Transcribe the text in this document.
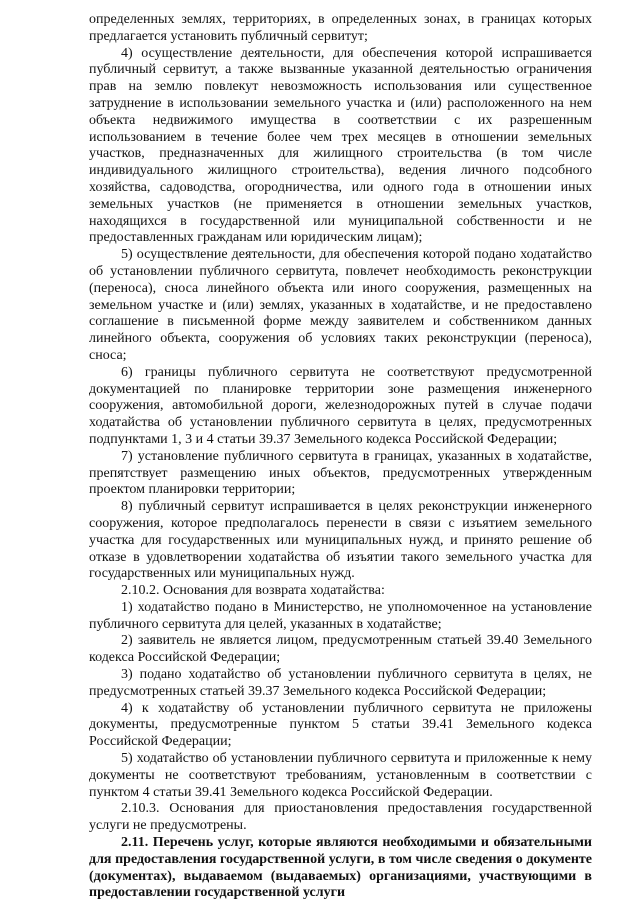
определенных землях, территориях, в определенных зонах, в границах которых предлагается установить публичный сервитут;

4) осуществление деятельности, для обеспечения которой испрашивается публичный сервитут, а также вызванные указанной деятельностью ограничения прав на землю повлекут невозможность использования или существенное затруднение в использовании земельного участка и (или) расположенного на нем объекта недвижимого имущества в соответствии с их разрешенным использованием в течение более чем трех месяцев в отношении земельных участков, предназначенных для жилищного строительства (в том числе индивидуального жилищного строительства), ведения личного подсобного хозяйства, садоводства, огородничества, или одного года в отношении иных земельных участков (не применяется в отношении земельных участков, находящихся в государственной или муниципальной собственности и не предоставленных гражданам или юридическим лицам);

5) осуществление деятельности, для обеспечения которой подано ходатайство об установлении публичного сервитута, повлечет необходимость реконструкции (переноса), сноса линейного объекта или иного сооружения, размещенных на земельном участке и (или) землях, указанных в ходатайстве, и не предоставлено соглашение в письменной форме между заявителем и собственником данных линейного объекта, сооружения об условиях таких реконструкции (переноса), сноса;

6) границы публичного сервитута не соответствуют предусмотренной документацией по планировке территории зоне размещения инженерного сооружения, автомобильной дороги, железнодорожных путей в случае подачи ходатайства об установлении публичного сервитута в целях, предусмотренных подпунктами 1, 3 и 4 статьи 39.37 Земельного кодекса Российской Федерации;

7) установление публичного сервитута в границах, указанных в ходатайстве, препятствует размещению иных объектов, предусмотренных утвержденным проектом планировки территории;

8) публичный сервитут испрашивается в целях реконструкции инженерного сооружения, которое предполагалось перенести в связи с изъятием земельного участка для государственных или муниципальных нужд, и принято решение об отказе в удовлетворении ходатайства об изъятии такого земельного участка для государственных или муниципальных нужд.

2.10.2. Основания для возврата ходатайства:

1) ходатайство подано в Министерство, не уполномоченное на установление публичного сервитута для целей, указанных в ходатайстве;

2) заявитель не является лицом, предусмотренным статьей 39.40 Земельного кодекса Российской Федерации;

3) подано ходатайство об установлении публичного сервитута в целях, не предусмотренных статьей 39.37 Земельного кодекса Российской Федерации;

4) к ходатайству об установлении публичного сервитута не приложены документы, предусмотренные пунктом 5 статьи 39.41 Земельного кодекса Российской Федерации;

5) ходатайство об установлении публичного сервитута и приложенные к нему документы не соответствуют требованиям, установленным в соответствии с пунктом 4 статьи 39.41 Земельного кодекса Российской Федерации.

2.10.3. Основания для приостановления предоставления государственной услуги не предусмотрены.

2.11. Перечень услуг, которые являются необходимыми и обязательными для предоставления государственной услуги, в том числе сведения о документе (документах), выдаваемом (выдаваемых) организациями, участвующими в предоставлении государственной услуги
